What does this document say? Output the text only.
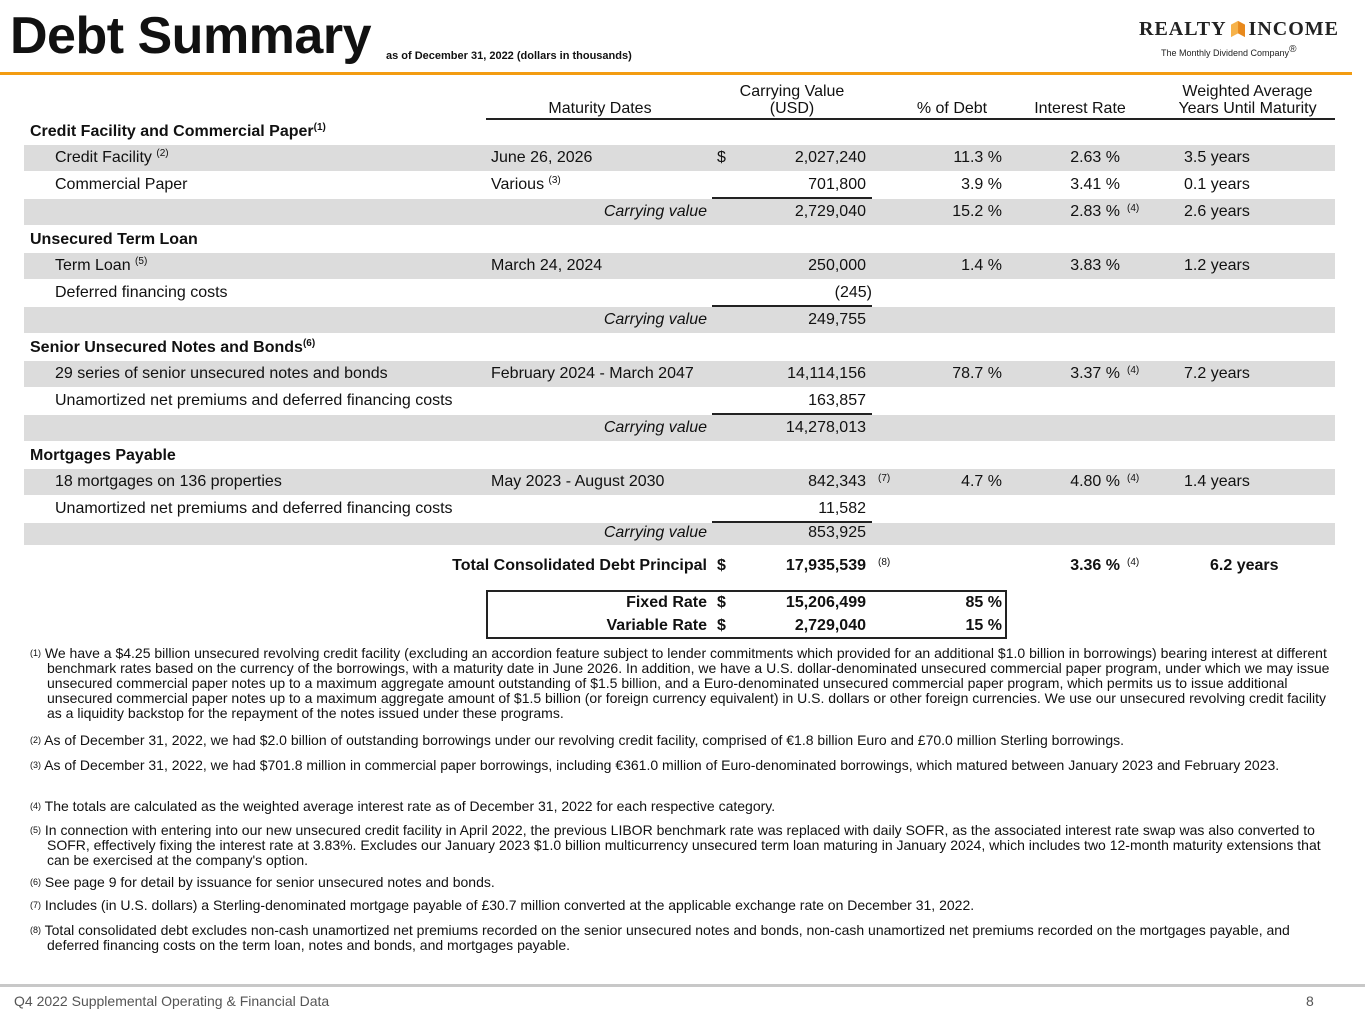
Debt Summary as of December 31, 2022 (dollars in thousands)
REALTY INCOME
The Monthly Dividend Company®
Maturity Dates
Carrying Value
(USD)	% of Debt	Interest Rate
Weighted Average
Years Until Maturity
Credit Facility and Commercial Paper$^{(1)}$
Credit Facility $^{(2)}$	June 26, 2026	$	2,027,240	11.3 %	2.63 %	3.5 years
Commercial Paper	Various $^{(3)}$	701,800	3.9 %	3.41 %	0.1 years
Carrying value	2,729,040	15.2 %	2.83 % (4)	2.6 years
Unsecured Term Loan
Term Loan $^{(5)}$	March 24, 2024	250,000	1.4 %	3.83 %	1.2 years
Deferred financing costs	(245)
Carrying value	249,755
Senior Unsecured Notes and Bonds$^{(6)}$
29 series of senior unsecured notes and bonds	February 2024 - March 2047	14,114,156	78.7 %	3.37 % (4)	7.2 years
Unamortized net premiums and deferred financing costs	163,857
Carrying value	14,278,013
Mortgages Payable
18 mortgages on 136 properties	May 2023 - August 2030	842,343 (7)	4.7 %	4.80 % (4)	1.4 years
Unamortized net premiums and deferred financing costs	11,582
Carrying value	853,925
Total Consolidated Debt Principal $	17,935,539 (8)	3.36 % (4)	6.2 years
Fixed Rate $	15,206,499	85 %
Variable Rate $	2,729,040	15 %
$^{(1)}$ We have a $4.25 billion unsecured revolving credit facility (excluding an accordion feature subject to lender commitments which provided for an additional $1.0 billion in borrowings) bearing interest at different benchmark rates based on the currency of the borrowings, with a maturity date in June 2026. In addition, we have a U.S. dollar-denominated unsecured commercial paper program, under which we may issue unsecured commercial paper notes up to a maximum aggregate amount outstanding of $1.5 billion, and a Euro-denominated unsecured commercial paper program, which permits us to issue additional unsecured commercial paper notes up to a maximum aggregate amount of $1.5 billion (or foreign currency equivalent) in U.S. dollars or other foreign currencies. We use our unsecured revolving credit facility as a liquidity backstop for the repayment of the notes issued under these programs.
$^{(2)}$ As of December 31, 2022, we had $2.0 billion of outstanding borrowings under our revolving credit facility, comprised of €1.8 billion Euro and £70.0 million Sterling borrowings.
$^{(3)}$ As of December 31, 2022, we had $701.8 million in commercial paper borrowings, including €361.0 million of Euro-denominated borrowings, which matured between January 2023 and February 2023.
$^{(4)}$ The totals are calculated as the weighted average interest rate as of December 31, 2022 for each respective category.
$^{(5)}$ In connection with entering into our new unsecured credit facility in April 2022, the previous LIBOR benchmark rate was replaced with daily SOFR, as the associated interest rate swap was also converted to SOFR, effectively fixing the interest rate at 3.83%. Excludes our January 2023 $1.0 billion multicurrency unsecured term loan maturing in January 2024, which includes two 12-month maturity extensions that can be exercised at the company's option.
$^{(6)}$ See page 9 for detail by issuance for senior unsecured notes and bonds.
$^{(7)}$ Includes (in U.S. dollars) a Sterling-denominated mortgage payable of £30.7 million converted at the applicable exchange rate on December 31, 2022.
$^{(8)}$ Total consolidated debt excludes non-cash unamortized net premiums recorded on the senior unsecured notes and bonds, non-cash unamortized net premiums recorded on the mortgages payable, and deferred financing costs on the term loan, notes and bonds, and mortgages payable.
Q4 2022 Supplemental Operating & Financial Data	8
